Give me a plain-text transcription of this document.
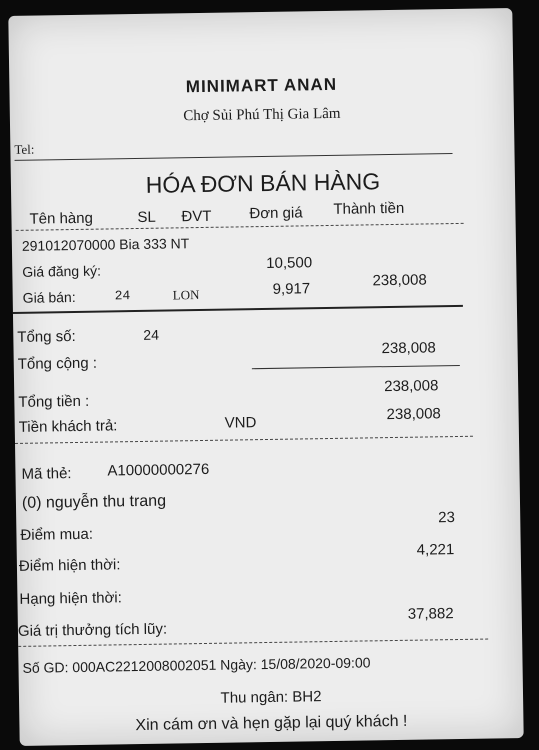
MINIMART ANAN
Chợ Sủi Phú Thị Gia Lâm
Tel:
HÓA ĐƠN BÁN HÀNG
Tên hàng	SL ĐVT	Đơn giá Thành tiền
291012070000 Bia 333 NT
Giá đăng ký:	10,500
Giá bán:	24	LON	9,917	238,008
Tổng số:	24
Tổng cộng :
238,008
Tổng tiền :
238,008
Tiền khách trả:	VND	238,008
Mã thẻ: A10000000276
(0) nguyễn thu trang
Điểm mua:
23
Điểm hiện thời:
4,221
Hạng hiện thời:
Giá trị thưởng tích lũy:
37,882
Số GD: 000AC2212008002051 Ngày: 15/08/2020-09:00
Thu ngân: BH2
Xin cám ơn và hẹn gặp lại quý khách !
